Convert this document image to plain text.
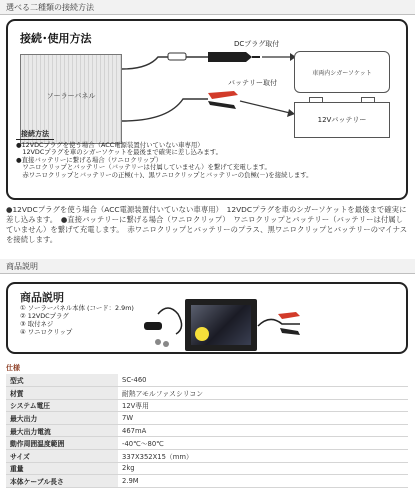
選べる二種類の接続方法
接続･使用方法
ソーラーパネル
DCプラグ取付
バッテリー取付
車両内シガーソケット
12Vバッテリー
接続方法
●12VDCプラグを使う場合（ACC電源装置付いていない車専用）
　12VDCプラグを車のシガーソケットを最後まで確実に差し込みます。
●直接バッテリーに繋げる場合（ワニロクリップ）
　ワニロクリップとバッテリー（バッテリーは付属していません）を繋げて充電します。
　赤ワニロクリップとバッテリーの正極(＋)、黒ワニロクリップとバッテリーの負極(－)を接続します。
●12VDCプラグを使う場合（ACC電源装置付いていない車専用）　12VDCプラグを車のシガーソケットを最後まで確実に差し込みます。　●直接バッテリーに繋げる場合（ワニロクリップ）　ワニロクリップとバッテリー（バッテリーは付属していません）を繋げて充電します。　赤ワニロクリップとバッテリーのプラス、黒ワニロクリップとバッテリーのマイナスを接続します。
商品説明
商品説明
① ソーラーパネル本体 (コード：2.9m)
② 12VDCプラグ
③ 取付ネジ
④ ワニロクリップ
仕様
型式	SC-460
材質	耐熱アモルファスシリコン
システム電圧	12V専用
最大出力	7W
最大出力電流	467mA
動作周囲温度範囲	-40℃〜80℃
サイズ	337X352X15（mm）
重量	2kg
本体ケーブル長さ	2.9M
